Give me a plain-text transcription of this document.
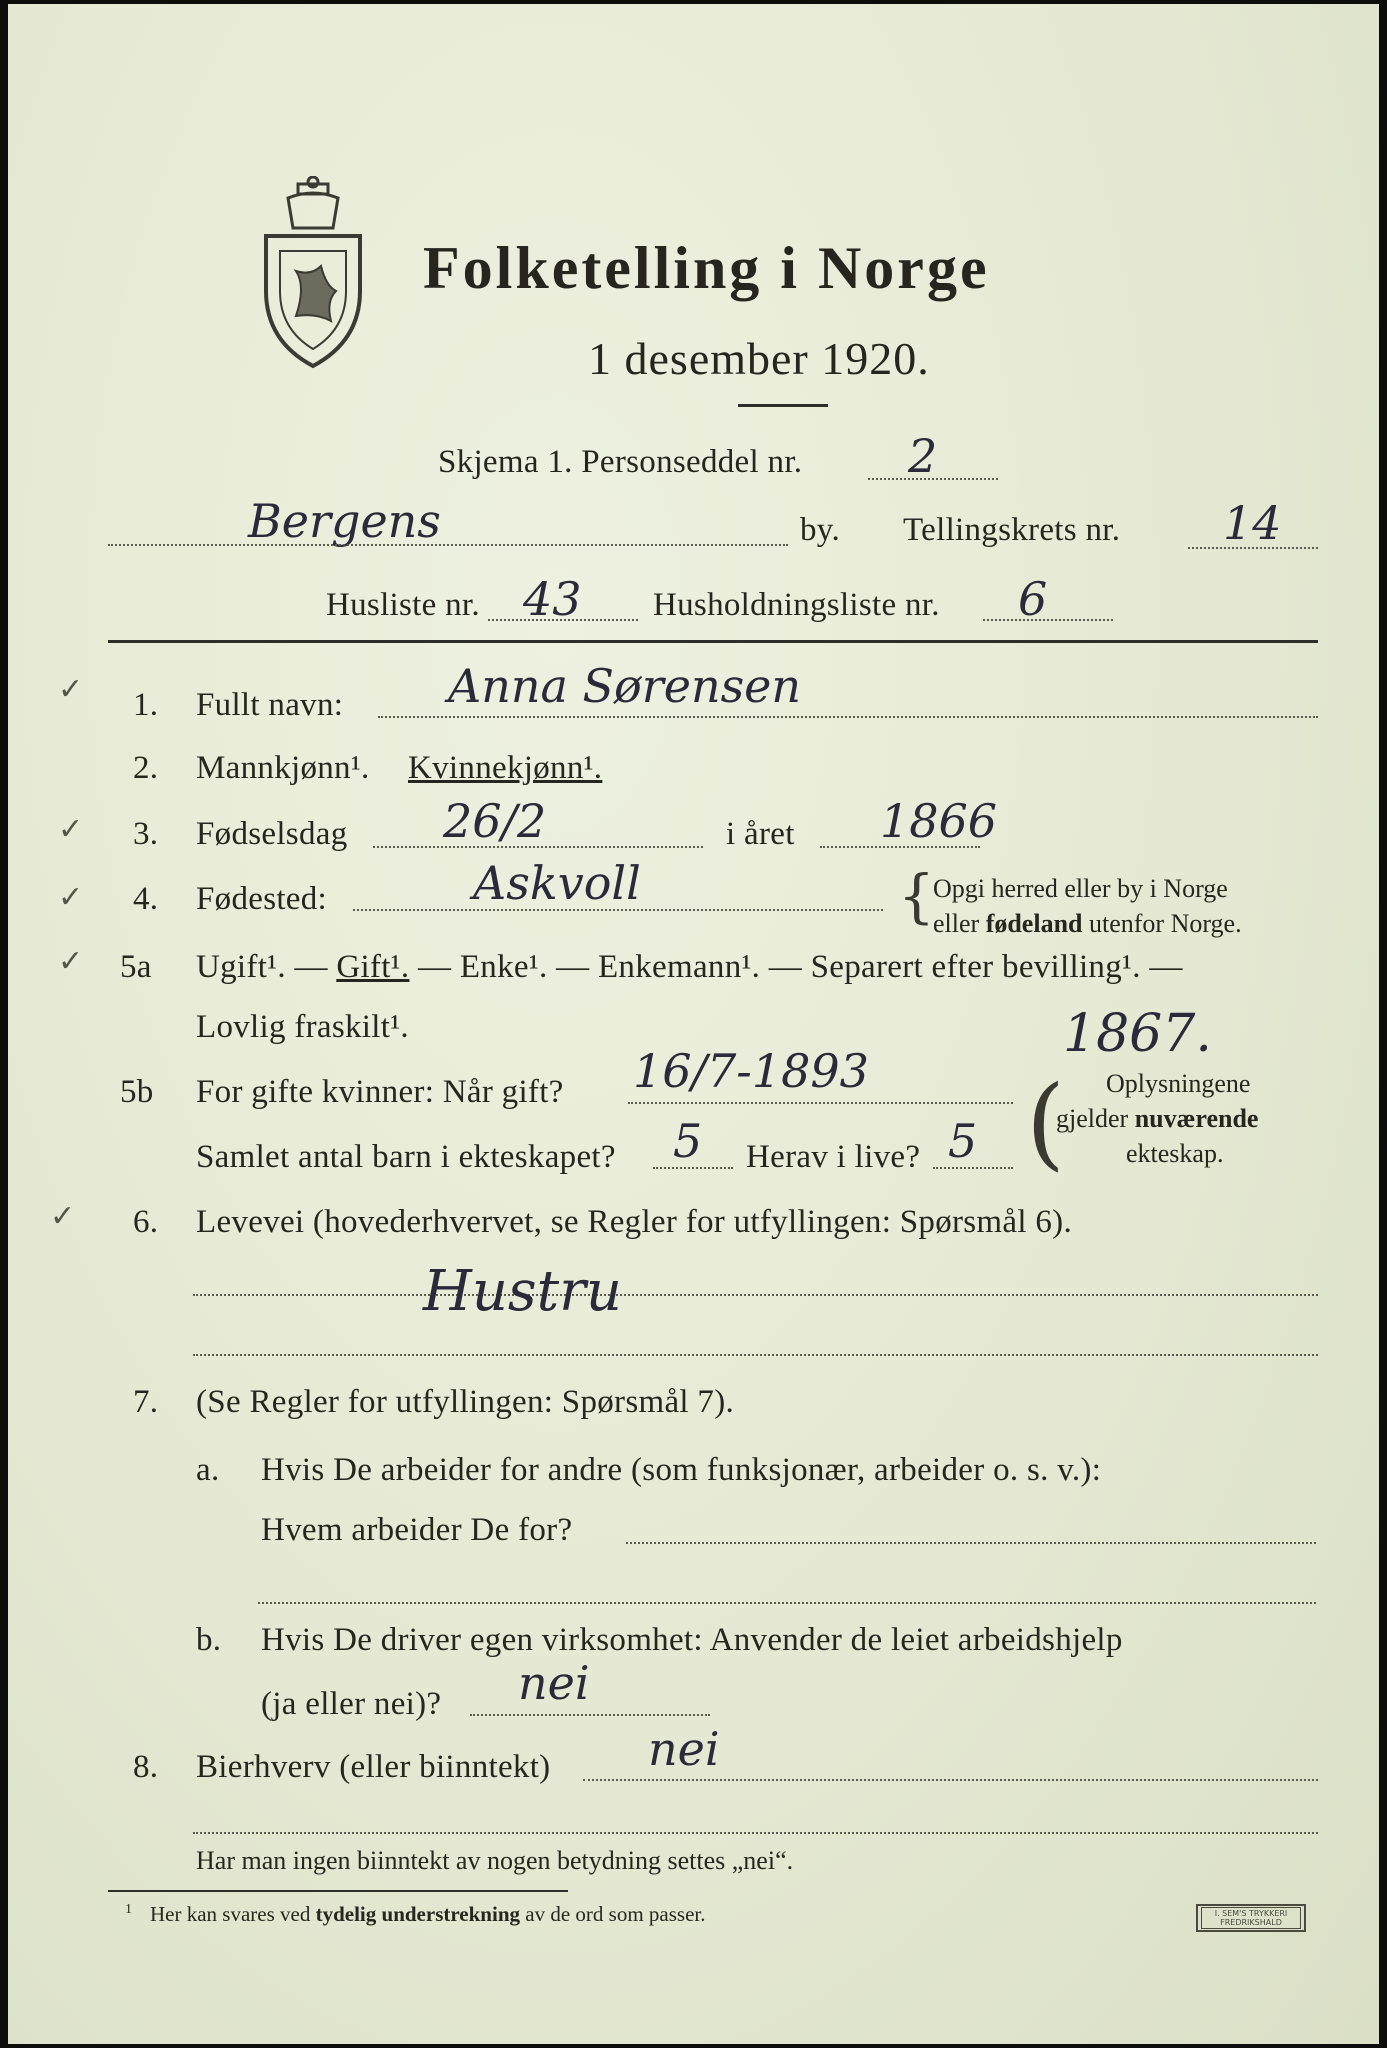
Folketelling i Norge
1 desember 1920.
Skjema 1. Personseddel nr. 2
Bergens	by. Tellingskrets nr. 14
Husliste nr. 43 Husholdningsliste nr. 6
✓
✓
✓
✓
✓
1. Fullt navn: Anna Sørensen
2. Mannkjønn¹. Kvinnekjønn¹.
3. Fødselsdag 26/2	i året 1866
4. Fødested:	Askvoll	{
Opgi herred eller by i Norge
eller fødeland utenfor Norge.
5a Ugift¹. — Gift¹. — Enke¹. — Enkemann¹. — Separert efter bevilling¹. —
Lovlig fraskilt¹.	1867.
5b For gifte kvinner: Når gift? 16/7-1893
Samlet antal barn i ekteskapet? 5 Herav i live? 5 ( Oplysningene
gjelder nuværende
ekteskap.
6. Levevei (hovederhvervet, se Regler for utfyllingen: Spørsmål 6).
Hustru
7. (Se Regler for utfyllingen: Spørsmål 7).
a. Hvis De arbeider for andre (som funksjonær, arbeider o. s. v.):
Hvem arbeider De for?
b. Hvis De driver egen virksomhet: Anvender de leiet arbeidshjelp
(ja eller nei)? nei
8. Bierhverv (eller biinntekt) nei
Har man ingen biinntekt av nogen betydning settes „nei“.
$^1$ Her kan svares ved tydelig understrekning av de ord som passer.	I. SEM'S TRYKKERI
FREDRIKSHALD
